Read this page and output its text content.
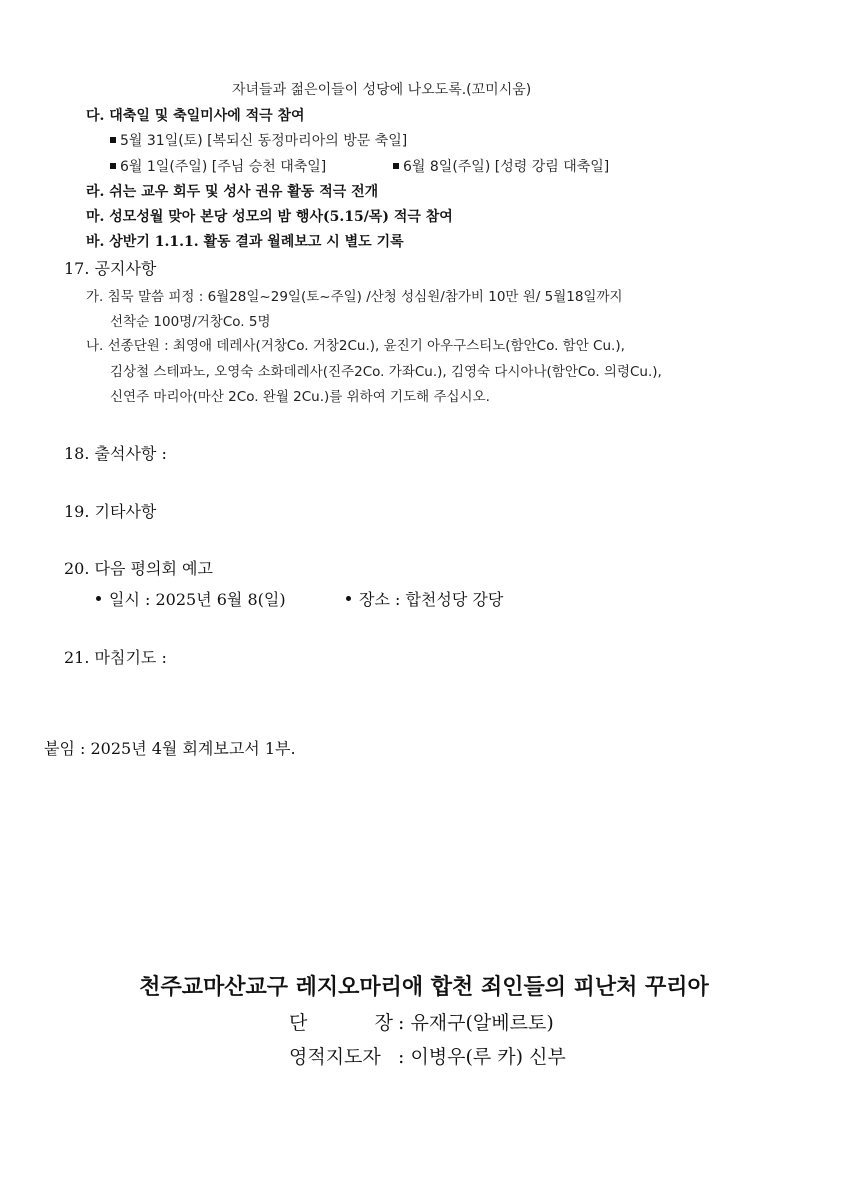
자녀들과 젊은이들이 성당에 나오도록.(꼬미시움)
다. 대축일 및 축일미사에 적극 참여
5월 31일(토) [복되신 동정마리아의 방문 축일]
6월 1일(주일) [주님 승천 대축일]	6월 8일(주일) [성령 강림 대축일]
라. 쉬는 교우 회두 및 성사 권유 활동 적극 전개
마. 성모성월 맞아 본당 성모의 밤 행사(5.15/목) 적극 참여
바. 상반기 1.1.1. 활동 결과 월례보고 시 별도 기록
17. 공지사항
가. 침묵 말씀 피정 : 6월28일~29일(토~주일) /산청 성심원/참가비 10만 원/ 5월18일까지
선착순 100명/거창Co. 5명
나. 선종단원 : 최영애 데레사(거창Co. 거창2Cu.), 윤진기 아우구스티노(함안Co. 함안 Cu.),
김상철 스테파노, 오영숙 소화데레사(진주2Co. 가좌Cu.), 김영숙 다시아나(함안Co. 의령Cu.),
신연주 마리아(마산 2Co. 완월 2Cu.)를 위하여 기도해 주십시오.
18. 출석사항 :
19. 기타사항
20. 다음 평의회 예고
일시 : 2025년 6월 8(일)	장소 : 합천성당 강당
21. 마침기도 :
붙임 : 2025년 4월 회계보고서 1부.
천주교마산교구 레지오마리애 합천 죄인들의 피난처 꾸리아
단 장 : 유재구(알베르토)
영적지도자 : 이병우(루 카) 신부
